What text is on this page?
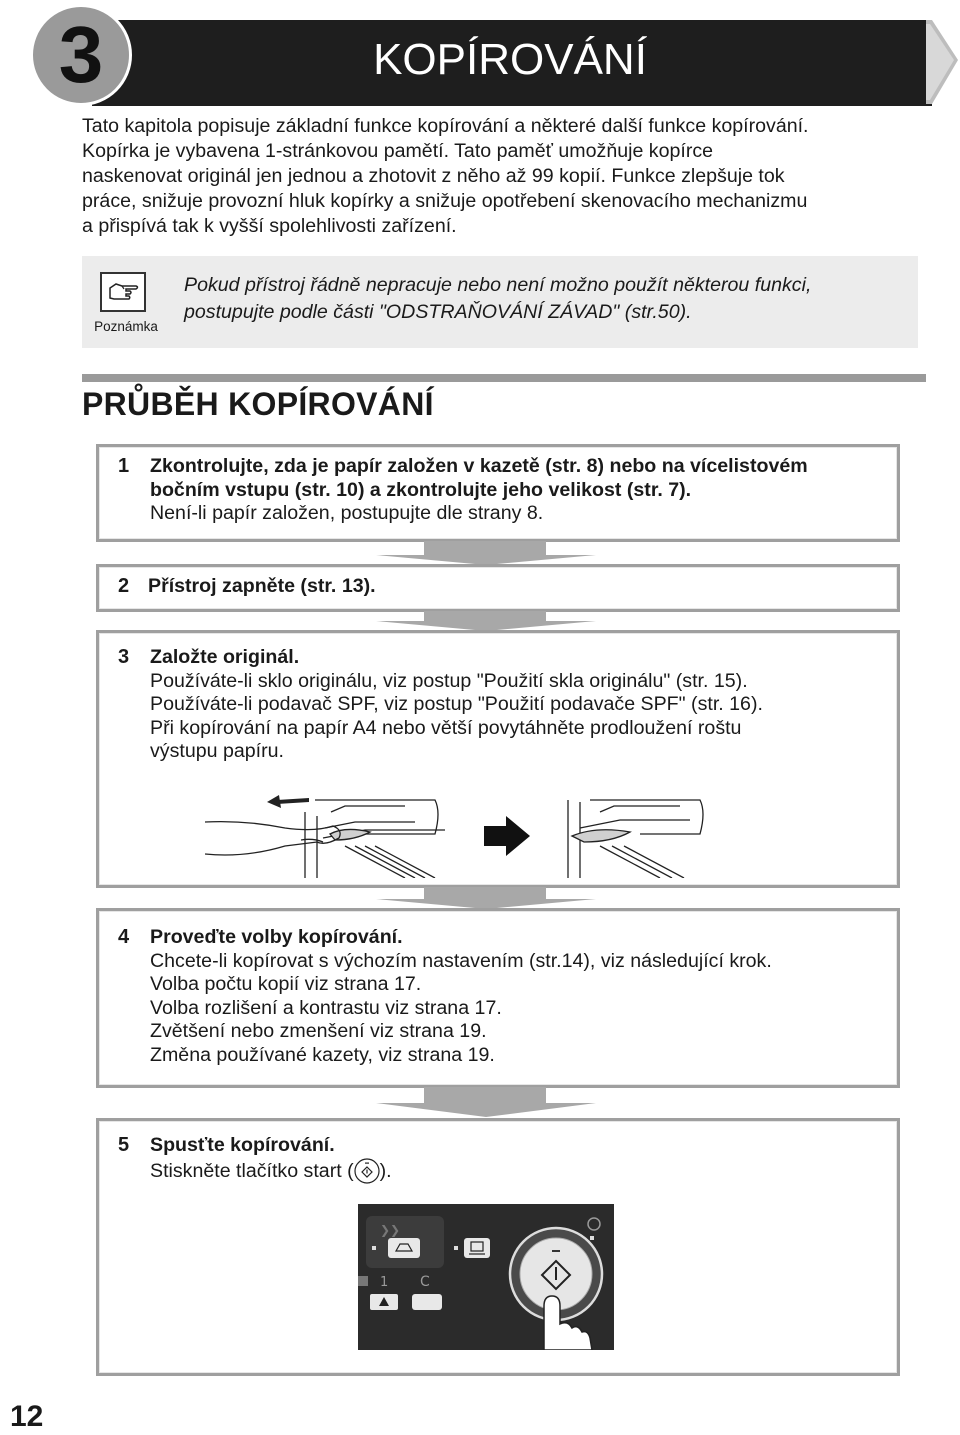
3	KOPÍROVÁNÍ
Tato kapitola popisuje základní funkce kopírování a některé další funkce kopírování.
Kopírka je vybavena 1-stránkovou pamětí. Tato paměť umožňuje kopírce
naskenovat originál jen jednou a zhotovit z něho až 99 kopií. Funkce zlepšuje tok
práce, snižuje provozní hluk kopírky a snižuje opotřebení skenovacího mechanizmu
a přispívá tak k vyšší spolehlivosti zařízení.
Poznámka
Pokud přístroj řádně nepracuje nebo není možno použít některou funkci,
postupujte podle části "ODSTRAŇOVÁNÍ ZÁVAD" (str.50).
PRŮBĚH KOPÍROVÁNÍ
1 Zkontrolujte, zda je papír založen v kazetě (str. 8) nebo na vícelistovém
bočním vstupu (str. 10) a zkontrolujte jeho velikost (str. 7).
Není-li papír založen, postupujte dle strany 8.
2 Přístroj zapněte (str. 13).
3 Založte originál.
Používáte-li sklo originálu, viz postup "Použití skla originálu" (str. 15).
Používáte-li podavač SPF, viz postup "Použití podavače SPF" (str. 16).
Při kopírování na papír A4 nebo větší povytáhněte prodloužení roštu
výstupu papíru.
4 Proveďte volby kopírování.
Chcete-li kopírovat s výchozím nastavením (str.14), viz následující krok.
Volba počtu kopií viz strana 17.
Volba rozlišení a kontrastu viz strana 17.
Zvětšení nebo zmenšení viz strana 19.
Změna používané kazety, viz strana 19.
5 Spusťte kopírování.
Stiskněte tlačítko start ( ).
❯❯
1 C
12
